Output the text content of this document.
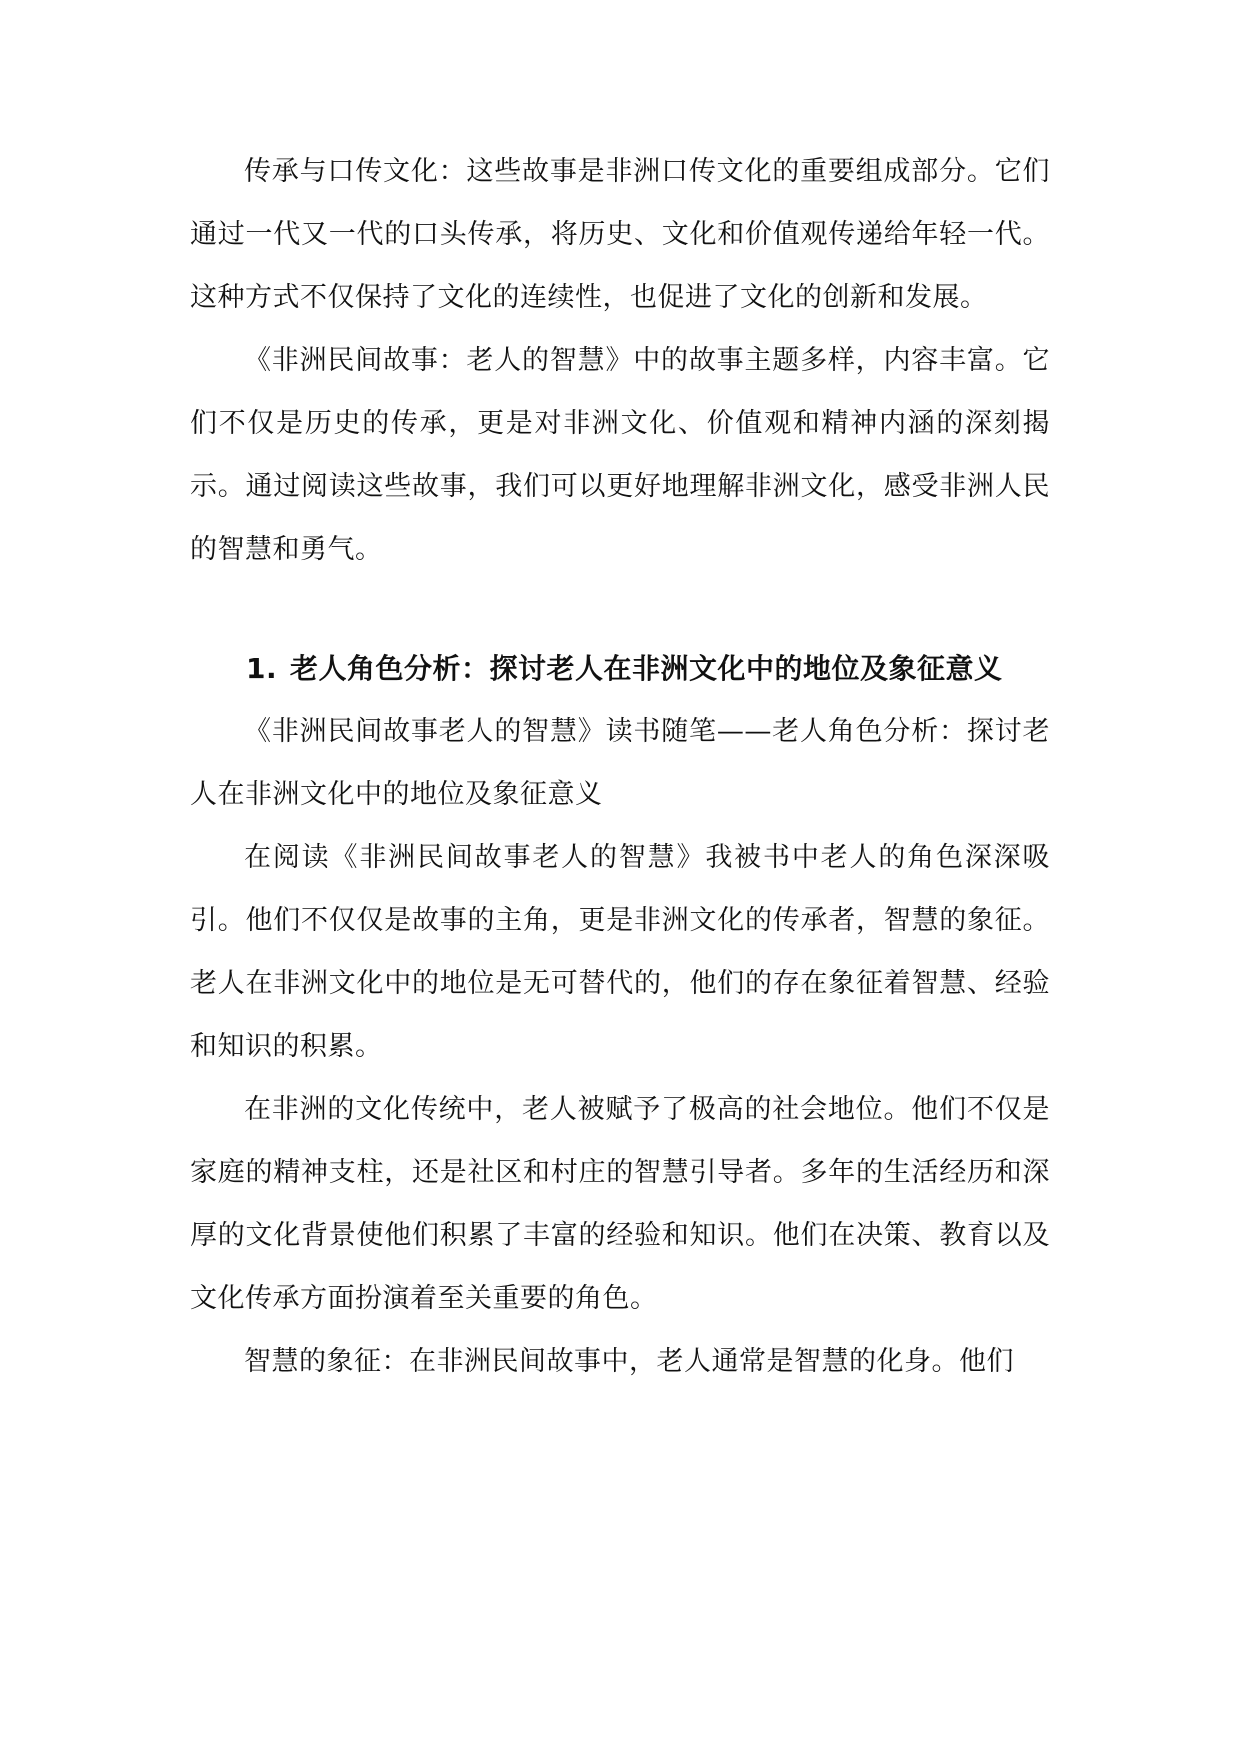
传承与口传文化：这些故事是非洲口传文化的重要组成部分。它们通过一代又一代的口头传承，将历史、文化和价值观传递给年轻一代。这种方式不仅保持了文化的连续性，也促进了文化的创新和发展。

《非洲民间故事：老人的智慧》中的故事主题多样，内容丰富。它们不仅是历史的传承，更是对非洲文化、价值观和精神内涵的深刻揭示。通过阅读这些故事，我们可以更好地理解非洲文化，感受非洲人民的智慧和勇气。

1. 老人角色分析：探讨老人在非洲文化中的地位及象征意义

《非洲民间故事老人的智慧》读书随笔——老人角色分析：探讨老人在非洲文化中的地位及象征意义

在阅读《非洲民间故事老人的智慧》我被书中老人的角色深深吸引。他们不仅仅是故事的主角，更是非洲文化的传承者，智慧的象征。老人在非洲文化中的地位是无可替代的，他们的存在象征着智慧、经验和知识的积累。

在非洲的文化传统中，老人被赋予了极高的社会地位。他们不仅是家庭的精神支柱，还是社区和村庄的智慧引导者。多年的生活经历和深厚的文化背景使他们积累了丰富的经验和知识。他们在决策、教育以及文化传承方面扮演着至关重要的角色。

智慧的象征：在非洲民间故事中，老人通常是智慧的化身。他们
